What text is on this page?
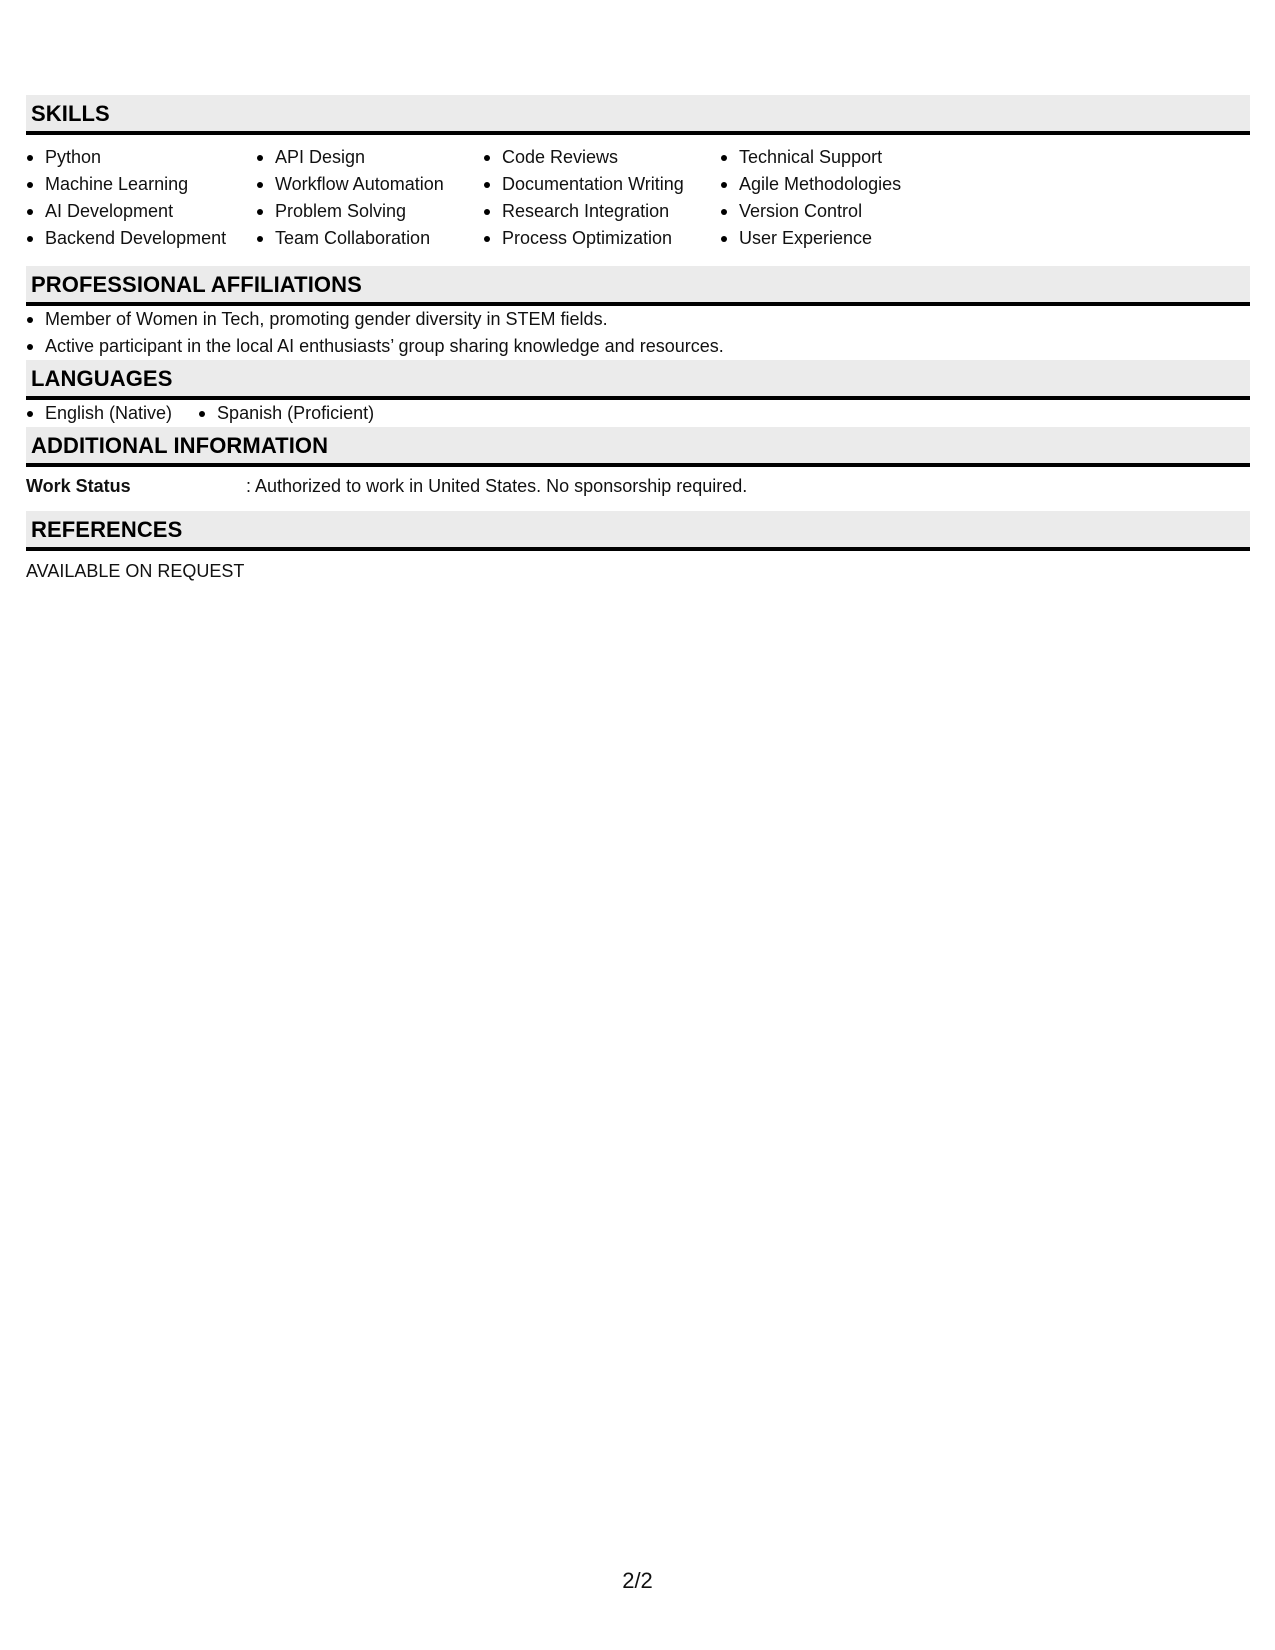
SKILLS
Python
Machine Learning
AI Development
Backend Development
API Design
Workflow Automation
Problem Solving
Team Collaboration
Code Reviews
Documentation Writing
Research Integration
Process Optimization
Technical Support
Agile Methodologies
Version Control
User Experience
PROFESSIONAL AFFILIATIONS
Member of Women in Tech, promoting gender diversity in STEM fields.
Active participant in the local AI enthusiasts’ group sharing knowledge and resources.
LANGUAGES
English (Native)	Spanish (Proficient)
ADDITIONAL INFORMATION
Work Status	: Authorized to work in United States. No sponsorship required.
REFERENCES
AVAILABLE ON REQUEST
2/2
